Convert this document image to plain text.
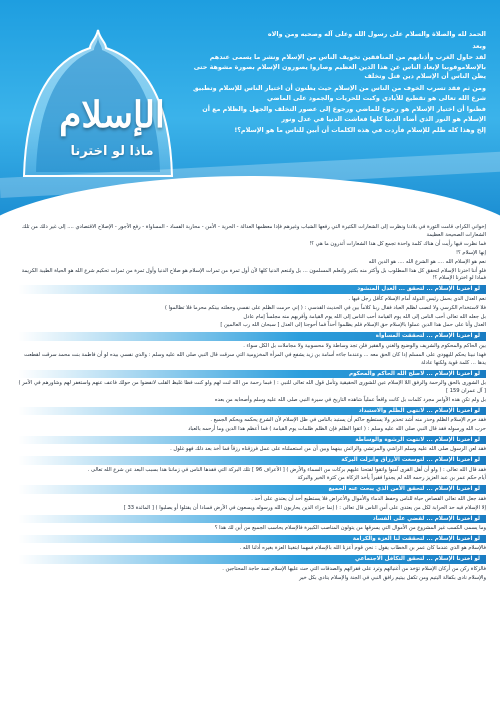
الإسلام
ماذا لو اخترنا

الحمد لله والصلاة والسلام على رسول الله وعلى آله وصحبه ومن والاه

وبعد

لقد حاول الغرب وأذنابهم من المنافقين تخويف الناس من الإسلام ونشر ما يسمى عندهم بالإسلاموفوبيا لإبعاد الناس عن هذا الدين العظيم وصاروا يصورون الإسلام بصورة مشوهة حتى يظن الناس أن الإسلام دين قتل وتخلف

ومن ثم فقد تسرب الخوف من الناس من الإسلام حيث يظنون أن اختيار الناس للإسلام وتطبيق شرع الله تعالى هو تقطيع للأيادي وكبت للحريات والجمود على الماضي

فظنوا أن اختيار الإسلام هو رجوع للماضي ورجوع إلى عصور التخلف والجهل والظلام مع أن الإسلام هو النور الذي أضاء الدنيا كلها فعاشت الدنيا في عدل ونور

إلخ وهذا كله ظلم للإسلام فأردت في هذه الكلمات أن أبين للناس ما هو الإسلام؟!

إخواني الكرام، قامت الثورة في بلادنا ونظرت إلى الشعارات الكثيرة التي رفعها الشباب وغيرهم فإذا معظمها العدالة - الحرية - الأمن - محاربة الفساد - المساواة - رفع الأجور - الإصلاح الاقتصادي .... إلى غير ذلك من تلك الشعارات الصحيحة العظيمة

فما نظرت فيها رأيت أن هناك كلمة واحدة تجمع كل هذا الشعارات أتدرون ما هي ؟!

إنها الإسلام ؟!

نعم هو الإسلام الله .... هو الشرع الله .... هو الدين الله

فلو أننا اخترنا الإسلام لتحقق كل هذا المطلوب بل وأكثر منه بكثير ولنعلم المسلمون ... بل ولننعم الدنيا كلها لأن أول ثمرة من ثمرات الإسلام هو صلاح الدنيا وأول ثمرة من ثمرات تحكيم شرع الله هو الحياة الطيبة الكريمة فماذا لو اخترنا الإسلام ؟!

لو اخترنا الإسلام ... لتحقق ... العدل المنشود

نعم العدل الذي بحمل رئيس الدولة أمام الإسلام كأقل رجل فيها .

فلا لاستخدام الكرسي ولا لنصب لظلم العباد فقال ربنا كلاماً بين في الحديث القدسي : ( إني حرمت الظلم على نفسي وجعلته بينكم محرما فلا تظالموا )

بل جعله الله تعالى أحب الناس إلى الله يوم القيامة أحب الناس إلى الله يوم القيامة وأقربهم منه مجلساً إمام عادل

العدل وأنا على حمل هذا الدين عملوا بالإسلام حق الإسلام فلم يظلموا أحداً فما أحوجنا إلى العدل [ سبحان الله رب العالمين ]

لو اخترنا الإسلام ... لتحققت المساواة

بين الحاكم والمحكوم والشريف والوضيع والغني والفقير فلن تجد وساطة ولا محسوبية ولا مجاملات بل الكل سواء .

فهذا نبينا يحكم لليهودي على المسلم إذا كان الحق معه ... وعندما جاءه أسامة بن زيد يشفع في المرأة المخزومية التي سرقت قال النبي صلى الله عليه وسلم : والذي نفسي بيده لو أن فاطمة بنت محمد سرقت لقطعت يدها ... كلمة قوية ولكنها عادلة

لو اخترنا الإسلام ... لاصلح الله الحاكم والمحكوم

بل الشورى بالحق والرحمة والرفق اللا الإسلام عين للشورى الحقيقية وتأمل قول الله تعالى للنبي : ( فبما رحمة من الله لنت لهم ولو كنت فظا غليظ القلب لانفضوا من حولك فاعف عنهم واستغفر لهم وشاورهم في الأمر ) [ آل عمران 159 ]

بل ولم تكن هذه الأوامر مجرد كلمات بل كانت واقعاً عملياً شاهده التاريخ في سيرة النبي صلى الله عليه وسلم وأصحابه من بعده

لو اخترنا الإسلام ... لانتهى الظلم والاستبداد

فقد حرم الإسلام الظلم وحذر منه أشد تحذير ولا يستطيع حاكم أن يستبد بالناس في ظل الإسلام لأن الشرع يحكمه ويحكم الجميع .

حرب الله ورسوله فقد قال النبي صلى الله عليه وسلم : ( اتقوا الظلم فإن الظلم ظلمات يوم القيامة ) فما أعظم هذا الدين وما أرحمه بالعباد

لو اخترنا الإسلام ... لانتهت الرشوة والوساطة

فقد لعن الرسول صلى الله عليه وسلم الراشي والمرتشي والرائش بينهما وبين أن من استعملناه على عمل فرزقناه رزقاً فما أخذ بعد ذلك فهو غلول .

لو اخترنا الإسلام ... لتوسعت الأرزاق وانزلت البركة

فقد قال الله تعالى : ( ولو أن أهل القرى آمنوا واتقوا لفتحنا عليهم بركات من السماء والأرض ) [ الأعراف 96 ] تلك البركة التي فقدها الناس في زماننا هذا بسبب البعد عن شرع الله تعالى .

أيام حكم عمر بن عبد العزيز رحمه الله لم يجدوا فقيراً يأخذ الزكاة من كثرة الخير والبركة

لو اخترنا الإسلام ... لتحقق الأمن الذي يبحث عنه الجميع

فقد جعل الله تعالى القصاص حياة للناس وحفظ الدماء والأموال والأعراض فلا يستطيع أحد أن يعتدي على أحد .

إلا الإسلام فيه حد الحرابة لكل من يعتدي على أمن الناس قال تعالى : ( إنما جزاء الذين يحاربون الله ورسوله ويسعون في الأرض فسادا أن يقتلوا أو يصلبوا ) [ المائدة 33 ]

لو اخترنا الإسلام ... لقضي على الفساد

وما يسمى الكسب غير المشروع من الأموال التي يسرقها من يتولون المناصب الكبيرة فالإسلام يحاسب الجميع من أين لك هذا ؟

لو اخترنا الإسلام ... لتحققت لنا العزة والكرامة

فالإسلام هو الذي عندما كان عمر بن الخطاب يقول : نحن قوم أعزنا الله بالإسلام فمهما ابتغينا العزة بغيره أذلنا الله .

لو اخترنا الإسلام ... لتحقق التكافل الاجتماعي

فالزكاة ركن من أركان الإسلام تؤخذ من أغنيائهم وترد على فقرائهم والصدقات التي حث عليها الإسلام تسد حاجة المحتاجين .

والإسلام نادى بكفالة اليتيم ومن تكفل بيتيم رافق النبي في الجنة والإسلام ينادي بكل خير
